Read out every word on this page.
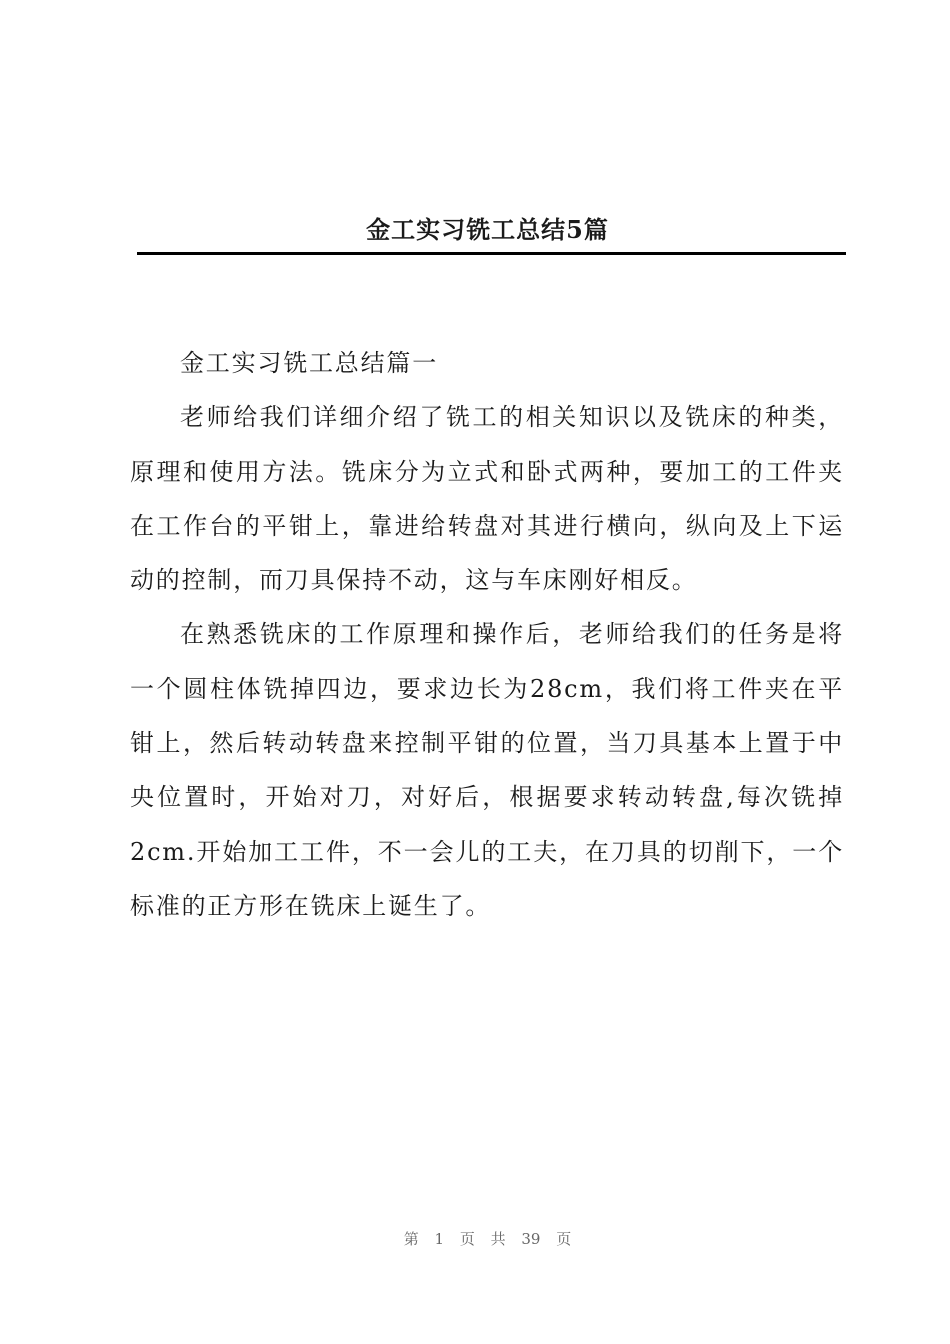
金工实习铣工总结5篇

金工实习铣工总结篇一

老师给我们详细介绍了铣工的相关知识以及铣床的种类，原理和使用方法。铣床分为立式和卧式两种，要加工的工件夹在工作台的平钳上，靠进给转盘对其进行横向，纵向及上下运动的控制，而刀具保持不动，这与车床刚好相反。

在熟悉铣床的工作原理和操作后，老师给我们的任务是将一个圆柱体铣掉四边，要求边长为28cm，我们将工件夹在平钳上，然后转动转盘来控制平钳的位置，当刀具基本上置于中央位置时，开始对刀，对好后，根据要求转动转盘,每次铣掉2cm.开始加工工件，不一会儿的工夫，在刀具的切削下，一个标准的正方形在铣床上诞生了。

第 1 页 共 39 页
